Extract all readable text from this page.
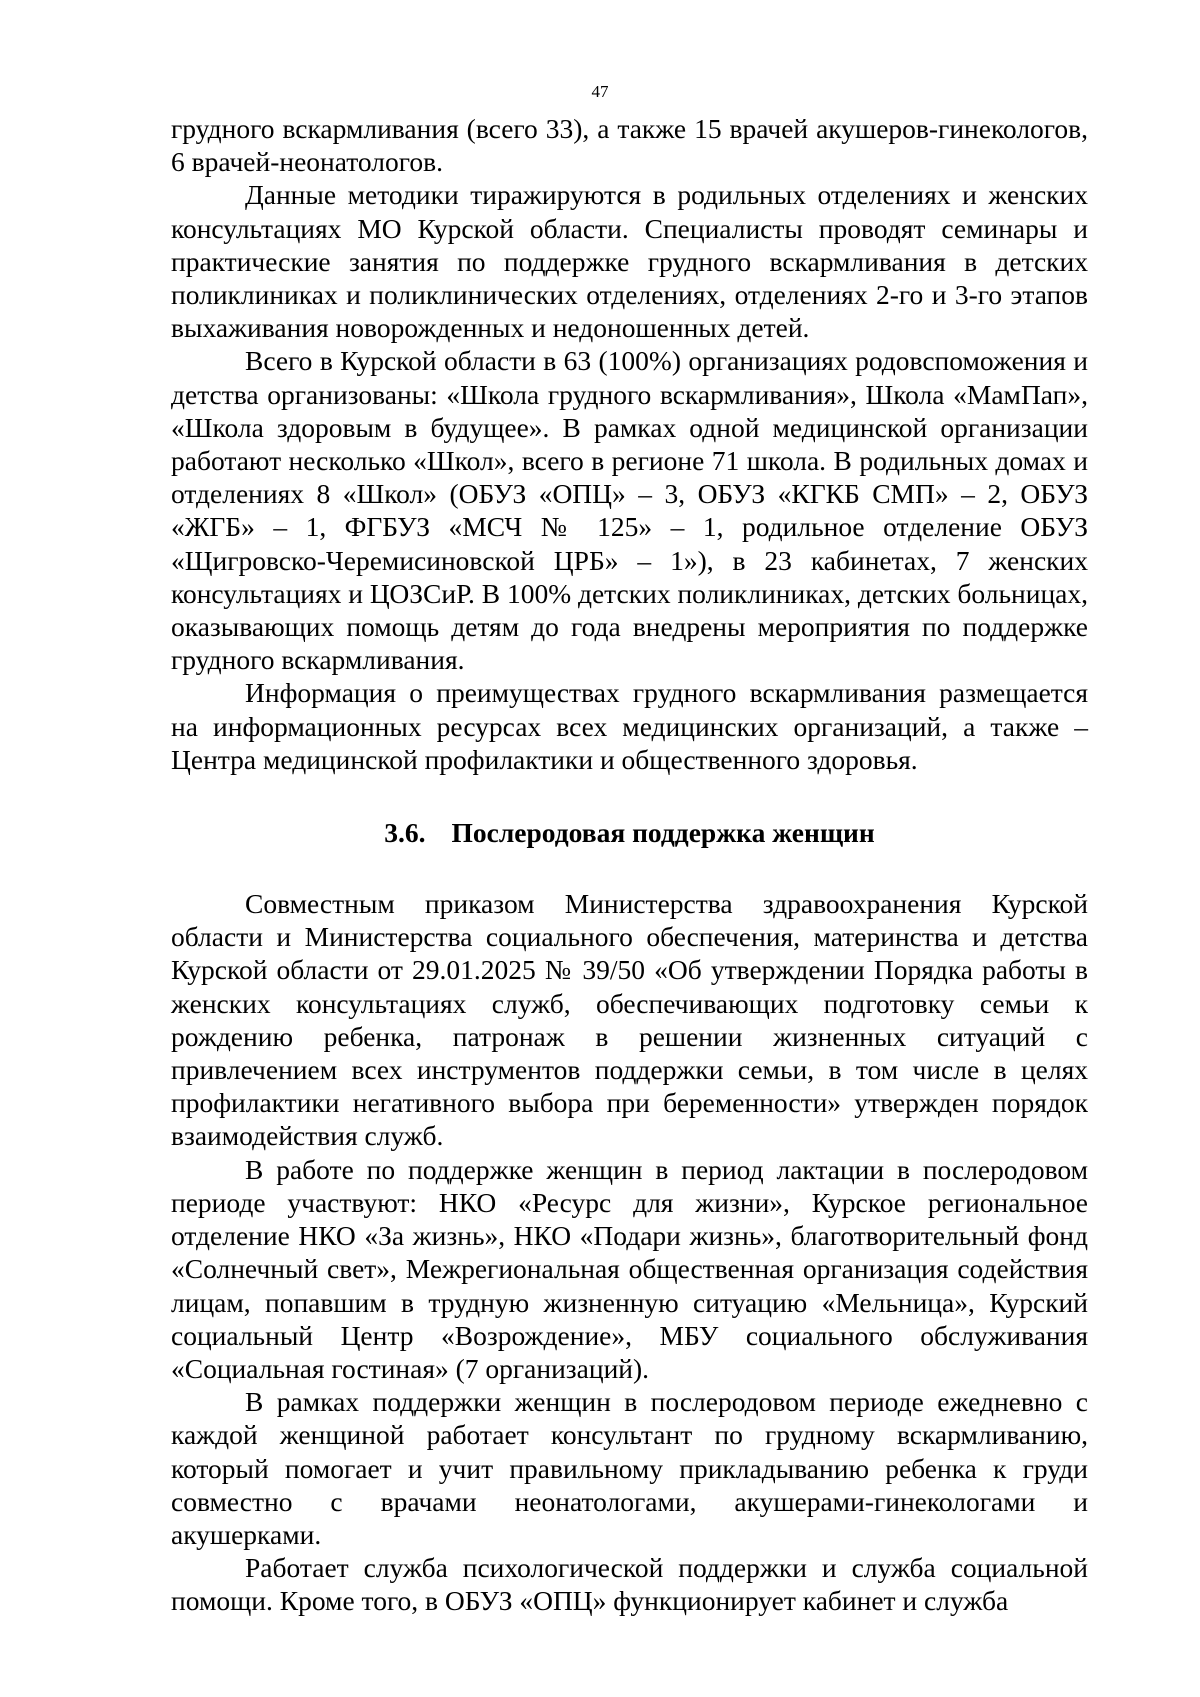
47

грудного вскармливания (всего 33), а также 15 врачей акушеров-гинекологов, 6 врачей-неонатологов.

Данные методики тиражируются в родильных отделениях и женских консультациях МО Курской области. Специалисты проводят семинары и практические занятия по поддержке грудного вскармливания в детских поликлиниках и поликлинических отделениях, отделениях 2-го и 3-го этапов выхаживания новорожденных и недоношенных детей.

Всего в Курской области в 63 (100%) организациях родовспоможения и детства организованы: «Школа грудного вскармливания», Школа «МамПап», «Школа здоровым в будущее». В рамках одной медицинской организации работают несколько «Школ», всего в регионе 71 школа. В родильных домах и отделениях 8 «Школ» (ОБУЗ «ОПЦ» – 3, ОБУЗ «КГКБ СМП» – 2, ОБУЗ «ЖГБ» – 1, ФГБУЗ «МСЧ № 125» – 1, родильное отделение ОБУЗ «Щигровско-Черемисиновской ЦРБ» – 1»), в 23 кабинетах, 7 женских консультациях и ЦОЗСиР. В 100% детских поликлиниках, детских больницах, оказывающих помощь детям до года внедрены мероприятия по поддержке грудного вскармливания.

Информация о преимуществах грудного вскармливания размещается на информационных ресурсах всех медицинских организаций, а также – Центра медицинской профилактики и общественного здоровья.

3.6. Послеродовая поддержка женщин

Совместным приказом Министерства здравоохранения Курской области и Министерства социального обеспечения, материнства и детства Курской области от 29.01.2025 № 39/50 «Об утверждении Порядка работы в женских консультациях служб, обеспечивающих подготовку семьи к рождению ребенка, патронаж в решении жизненных ситуаций с привлечением всех инструментов поддержки семьи, в том числе в целях профилактики негативного выбора при беременности» утвержден порядок взаимодействия служб.

В работе по поддержке женщин в период лактации в послеродовом периоде участвуют: НКО «Ресурс для жизни», Курское региональное отделение НКО «За жизнь», НКО «Подари жизнь», благотворительный фонд «Солнечный свет», Межрегиональная общественная организация содействия лицам, попавшим в трудную жизненную ситуацию «Мельница», Курский социальный Центр «Возрождение», МБУ социального обслуживания «Социальная гостиная» (7 организаций).

В рамках поддержки женщин в послеродовом периоде ежедневно с каждой женщиной работает консультант по грудному вскармливанию, который помогает и учит правильному прикладыванию ребенка к груди совместно с врачами неонатологами, акушерами-гинекологами и акушерками.

Работает служба психологической поддержки и служба социальной помощи. Кроме того, в ОБУЗ «ОПЦ» функционирует кабинет и служба
